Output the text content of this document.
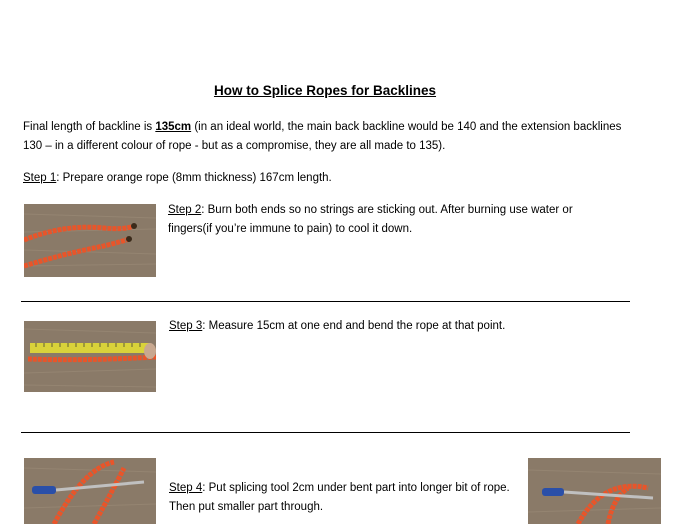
How to Splice Ropes for Backlines
Final length of backline is 135cm (in an ideal world, the main back backline would be 140 and the extension backlines 130 – in a different colour of rope - but as a compromise, they are all made to 135).
Step 1: Prepare orange rope (8mm thickness) 167cm length.
Step 2: Burn both ends so no strings are sticking out. After burning use water or fingers(if you’re immune to pain) to cool it down.
Step 3: Measure 15cm at one end and bend the rope at that point.
Step 4: Put splicing tool 2cm under bent part into longer bit of rope. Then put smaller part through.
